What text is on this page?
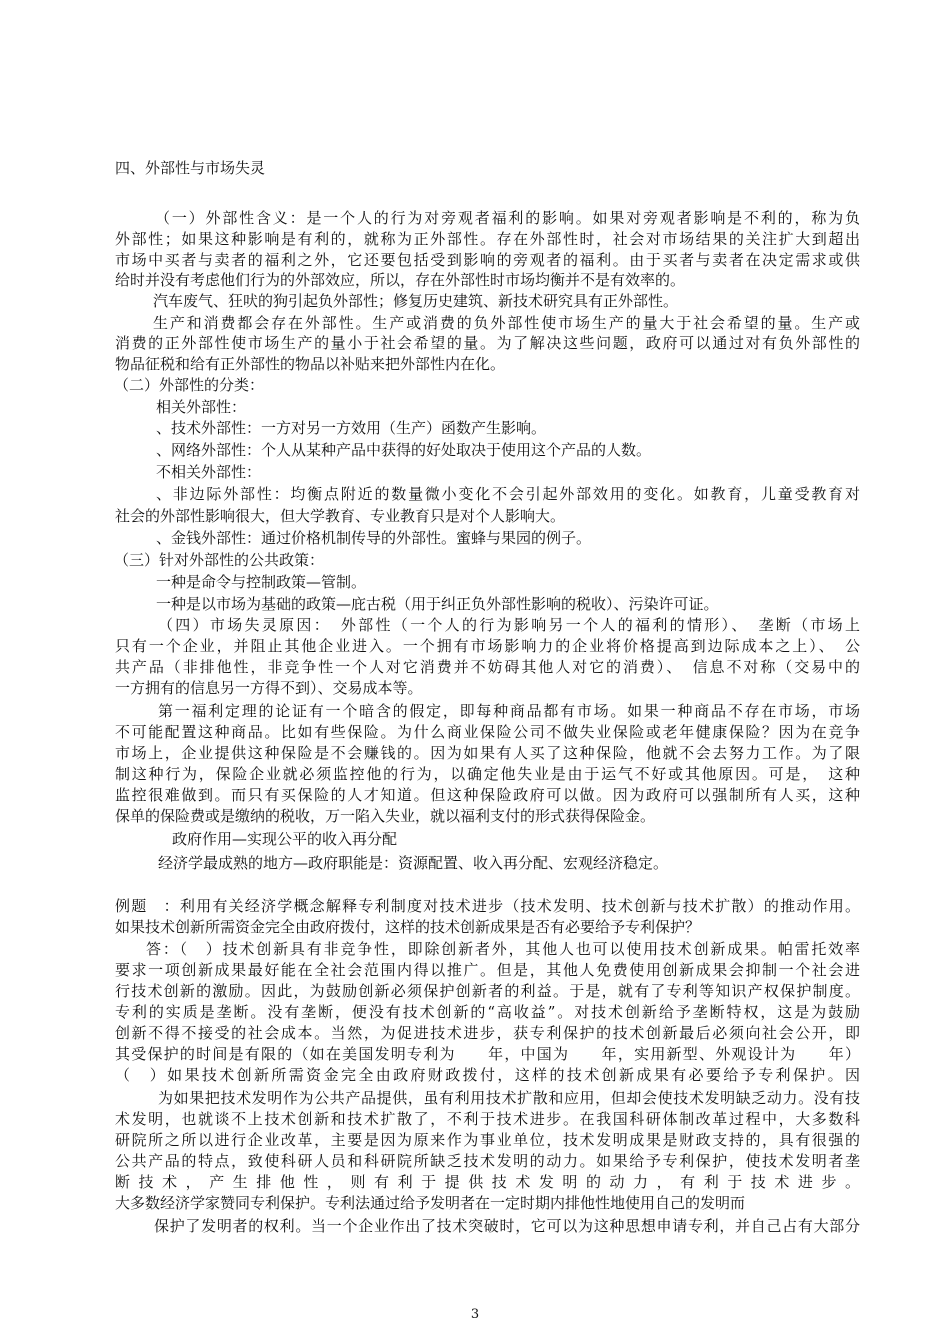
四、外部性与市场失灵
（一）外部性含义：是一个人的行为对旁观者福利的影响。如果对旁观者影响是不利的，称为负
外部性；如果这种影响是有利的，就称为正外部性。存在外部性时，社会对市场结果的关注扩大到超出
市场中买者与卖者的福利之外，它还要包括受到影响的旁观者的福利。由于买者与卖者在决定需求或供
给时并没有考虑他们行为的外部效应，所以，存在外部性时市场均衡并不是有效率的。
汽车废气、狂吠的狗引起负外部性；修复历史建筑、新技术研究具有正外部性。
生产和消费都会存在外部性。生产或消费的负外部性使市场生产的量大于社会希望的量。生产或
消费的正外部性使市场生产的量小于社会希望的量。为了解决这些问题，政府可以通过对有负外部性的
物品征税和给有正外部性的物品以补贴来把外部性内在化。
（二）外部性的分类：
相关外部性：
、技术外部性：一方对另一方效用（生产）函数产生影响。
、网络外部性：个人从某种产品中获得的好处取决于使用这个产品的人数。
不相关外部性：
、非边际外部性：均衡点附近的数量微小变化不会引起外部效用的变化。如教育，儿童受教育对
社会的外部性影响很大，但大学教育、专业教育只是对个人影响大。
、金钱外部性：通过价格机制传导的外部性。蜜蜂与果园的例子。
（三）针对外部性的公共政策：
一种是命令与控制政策—管制。
一种是以市场为基础的政策—庇古税（用于纠正负外部性影响的税收）、污染许可证。
（四）市场失灵原因：　外部性（一个人的行为影响另一个人的福利的情形）、　垄断（市场上
只有一个企业，并阻止其他企业进入。一个拥有市场影响力的企业将价格提高到边际成本之上）、　公
共产品（非排他性，非竞争性一个人对它消费并不妨碍其他人对它的消费）、　信息不对称（交易中的
一方拥有的信息另一方得不到）、交易成本等。
第一福利定理的论证有一个暗含的假定，即每种商品都有市场。如果一种商品不存在市场，市场
不可能配置这种商品。比如有些保险。为什么商业保险公司不做失业保险或老年健康保险？因为在竞争
市场上，企业提供这种保险是不会赚钱的。因为如果有人买了这种保险，他就不会去努力工作。为了限
制这种行为，保险企业就必须监控他的行为，以确定他失业是由于运气不好或其他原因。可是，　这种
监控很难做到。而只有买保险的人才知道。但这种保险政府可以做。因为政府可以强制所有人买，这种
保单的保险费或是缴纳的税收，万一陷入失业，就以福利支付的形式获得保险金。
政府作用—实现公平的收入再分配
经济学最成熟的地方—政府职能是：资源配置、收入再分配、宏观经济稳定。
例题　：利用有关经济学概念解释专利制度对技术进步（技术发明、技术创新与技术扩散）的推动作用。
如果技术创新所需资金完全由政府拨付，这样的技术创新成果是否有必要给予专利保护？
答：（　）技术创新具有非竞争性，即除创新者外，其他人也可以使用技术创新成果。帕雷托效率
要求一项创新成果最好能在全社会范围内得以推广。但是，其他人免费使用创新成果会抑制一个社会进
行技术创新的激励。因此，为鼓励创新必须保护创新者的利益。于是，就有了专利等知识产权保护制度。
专利的实质是垄断。没有垄断，便没有技术创新的“高收益”。对技术创新给予垄断特权，这是为鼓励
创新不得不接受的社会成本。当然，为促进技术进步，获专利保护的技术创新最后必须向社会公开，即
其受保护的时间是有限的（如在美国发明专利为　　年，中国为　　年，实用新型、外观设计为　　年）
（　）如果技术创新所需资金完全由政府财政拨付，这样的技术创新成果有必要给予专利保护。因
为如果把技术发明作为公共产品提供，虽有利用技术扩散和应用，但却会使技术发明缺乏动力。没有技
术发明，也就谈不上技术创新和技术扩散了，不利于技术进步。在我国科研体制改革过程中，大多数科
研院所之所以进行企业改革，主要是因为原来作为事业单位，技术发明成果是财政支持的，具有很强的
公共产品的特点，致使科研人员和科研院所缺乏技术发明的动力。如果给予专利保护，使技术发明者垄
断技术，产生排他性，则有利于提供技术发明的动力，有利于技术进步。
大多数经济学家赞同专利保护。专利法通过给予发明者在一定时期内排他性地使用自己的发明而
保护了发明者的权利。当一个企业作出了技术突破时，它可以为这种思想申请专利，并自己占有大部分
3
